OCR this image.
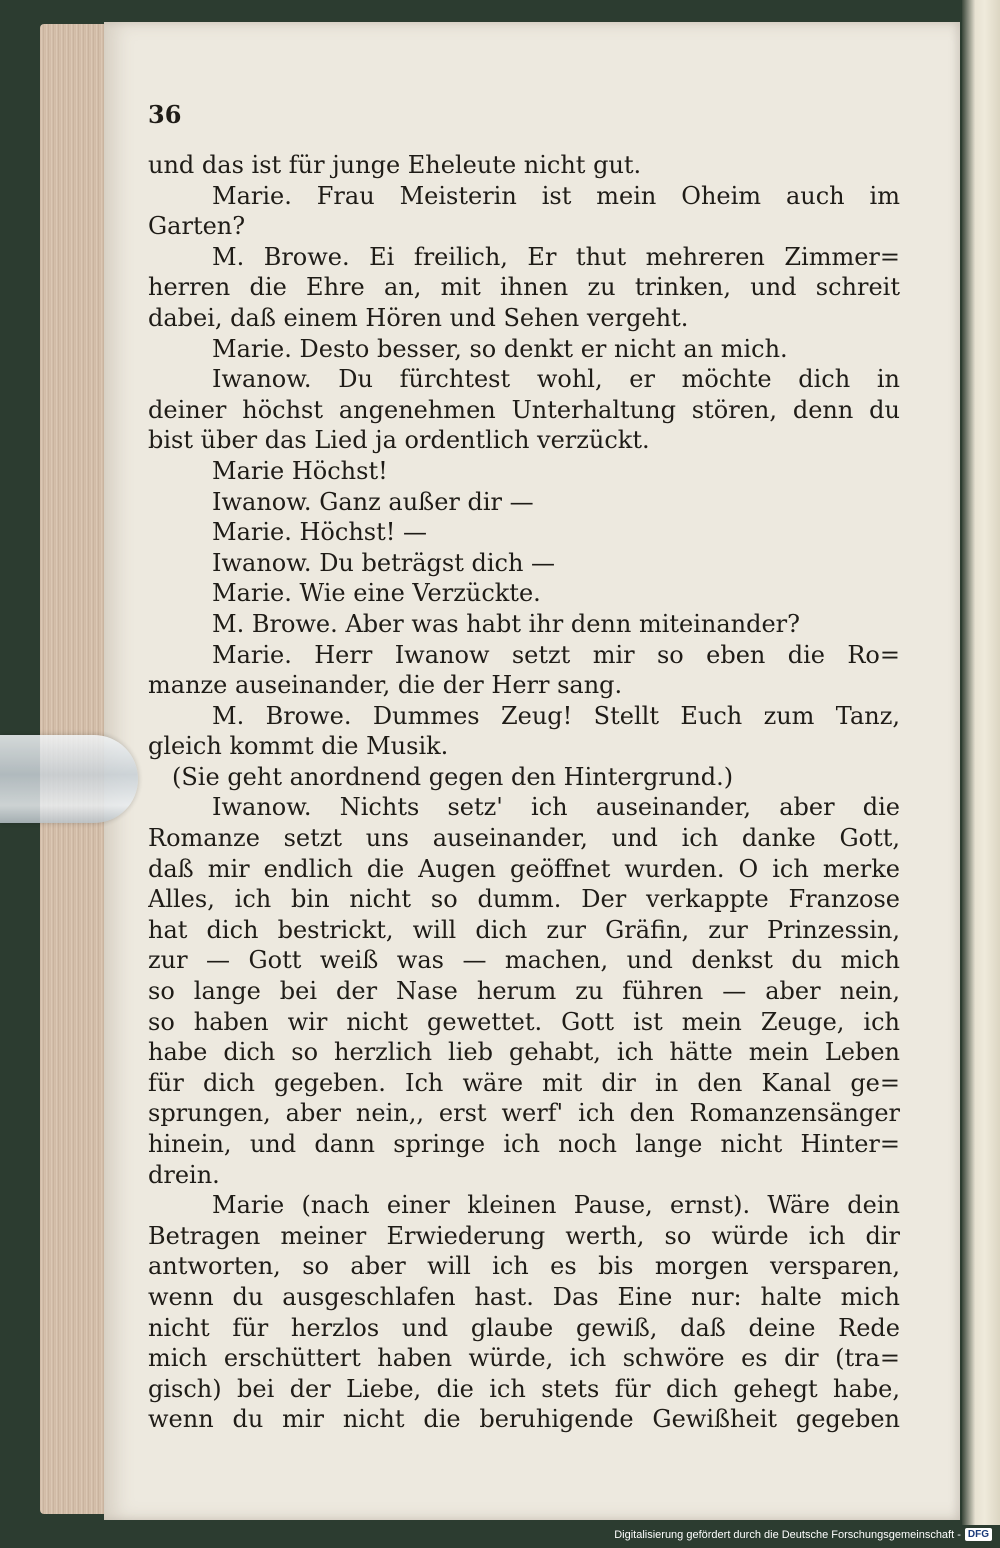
36
und das ist für junge Eheleute nicht gut.
Marie. Frau Meisterin ist mein Oheim auch im
Garten?
M. Browe. Ei freilich, Er thut mehreren Zimmer=
herren die Ehre an, mit ihnen zu trinken, und schreit
dabei, daß einem Hören und Sehen vergeht.
Marie. Desto besser, so denkt er nicht an mich.
Iwanow. Du fürchtest wohl, er möchte dich in
deiner höchst angenehmen Unterhaltung stören, denn du
bist über das Lied ja ordentlich verzückt.
Marie Höchst!
Iwanow. Ganz außer dir —
Marie. Höchst! —
Iwanow. Du beträgst dich —
Marie. Wie eine Verzückte.
M. Browe. Aber was habt ihr denn miteinander?
Marie. Herr Iwanow setzt mir so eben die Ro=
manze auseinander, die der Herr sang.
M. Browe. Dummes Zeug! Stellt Euch zum Tanz,
gleich kommt die Musik.
(Sie geht anordnend gegen den Hintergrund.)
Iwanow. Nichts setz' ich auseinander, aber die
Romanze setzt uns auseinander, und ich danke Gott,
daß mir endlich die Augen geöffnet wurden. O ich merke
Alles, ich bin nicht so dumm. Der verkappte Franzose
hat dich bestrickt, will dich zur Gräfin, zur Prinzessin,
zur — Gott weiß was — machen, und denkst du mich
so lange bei der Nase herum zu führen — aber nein,
so haben wir nicht gewettet. Gott ist mein Zeuge, ich
habe dich so herzlich lieb gehabt, ich hätte mein Leben
für dich gegeben. Ich wäre mit dir in den Kanal ge=
sprungen, aber nein,, erst werf' ich den Romanzensänger
hinein, und dann springe ich noch lange nicht Hinter=
drein.
Marie (nach einer kleinen Pause, ernst). Wäre dein
Betragen meiner Erwiederung werth, so würde ich dir
antworten, so aber will ich es bis morgen versparen,
wenn du ausgeschlafen hast. Das Eine nur: halte mich
nicht für herzlos und glaube gewiß, daß deine Rede
mich erschüttert haben würde, ich schwöre es dir (tra=
gisch) bei der Liebe, die ich stets für dich gehegt habe,
wenn du mir nicht die beruhigende Gewißheit gegeben
Digitalisierung gefördert durch die Deutsche Forschungsgemeinschaft - DFG
